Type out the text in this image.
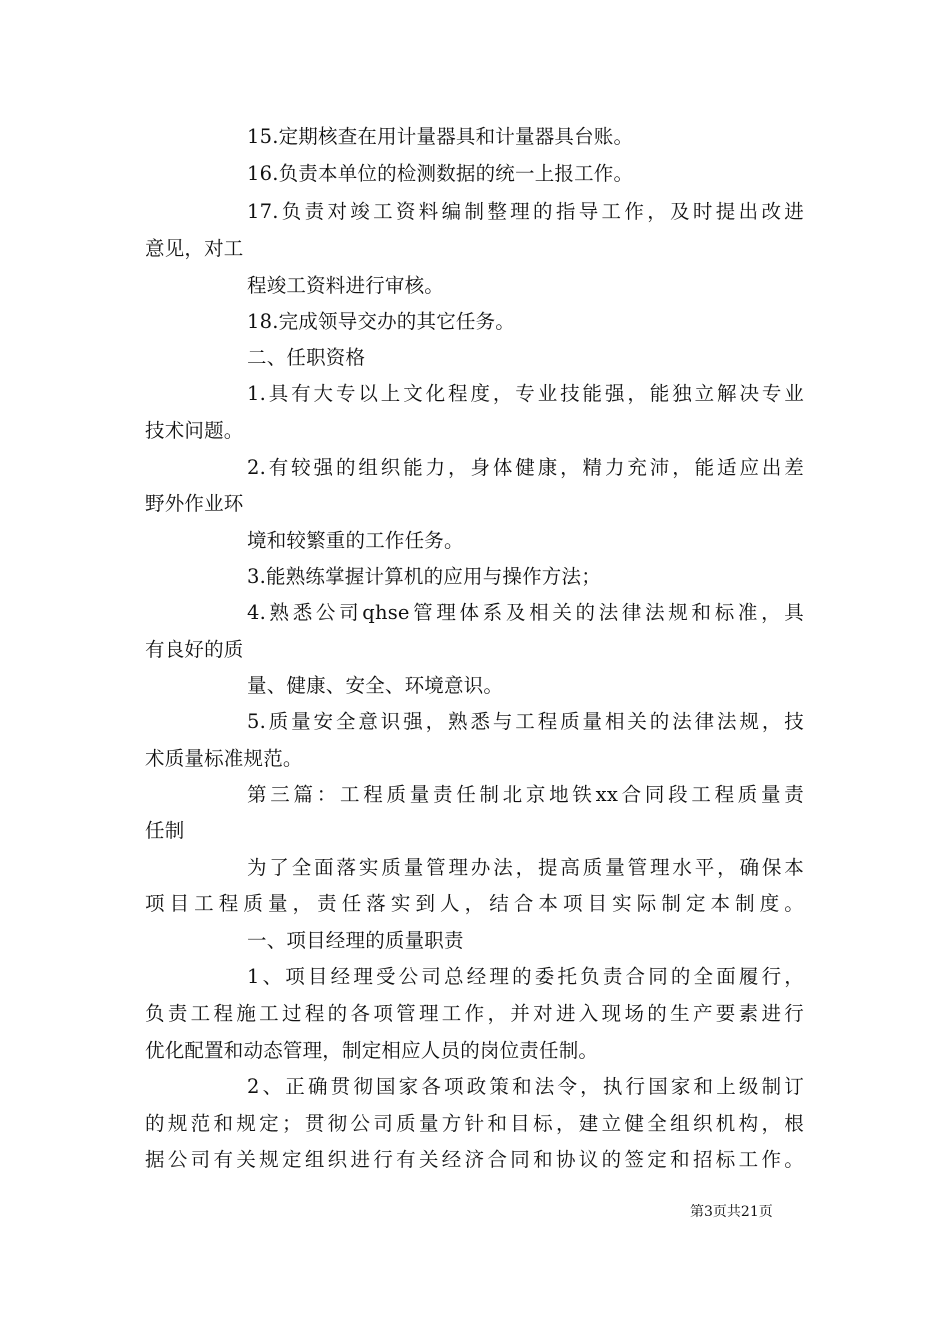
15.定期核查在用计量器具和计量器具台账。
16.负责本单位的检测数据的统一上报工作。
17.负责对竣工资料编制整理的指导工作，及时提出改进
意见，对工
程竣工资料进行审核。
18.完成领导交办的其它任务。
二、任职资格
1.具有大专以上文化程度，专业技能强，能独立解决专业
技术问题。
2.有较强的组织能力，身体健康，精力充沛，能适应出差
野外作业环
境和较繁重的工作任务。
3.能熟练掌握计算机的应用与操作方法；
4.熟悉公司qhse管理体系及相关的法律法规和标准，具
有良好的质
量、健康、安全、环境意识。
5.质量安全意识强，熟悉与工程质量相关的法律法规，技
术质量标准规范。
第三篇：工程质量责任制北京地铁xx合同段工程质量责
任制
为了全面落实质量管理办法，提高质量管理水平，确保本
项目工程质量，责任落实到人，结合本项目实际制定本制度。
一、项目经理的质量职责
1、项目经理受公司总经理的委托负责合同的全面履行，
负责工程施工过程的各项管理工作，并对进入现场的生产要素进行
优化配置和动态管理，制定相应人员的岗位责任制。
2、正确贯彻国家各项政策和法令，执行国家和上级制订
的规范和规定；贯彻公司质量方针和目标，建立健全组织机构，根
据公司有关规定组织进行有关经济合同和协议的签定和招标工作。
第3页共21页
